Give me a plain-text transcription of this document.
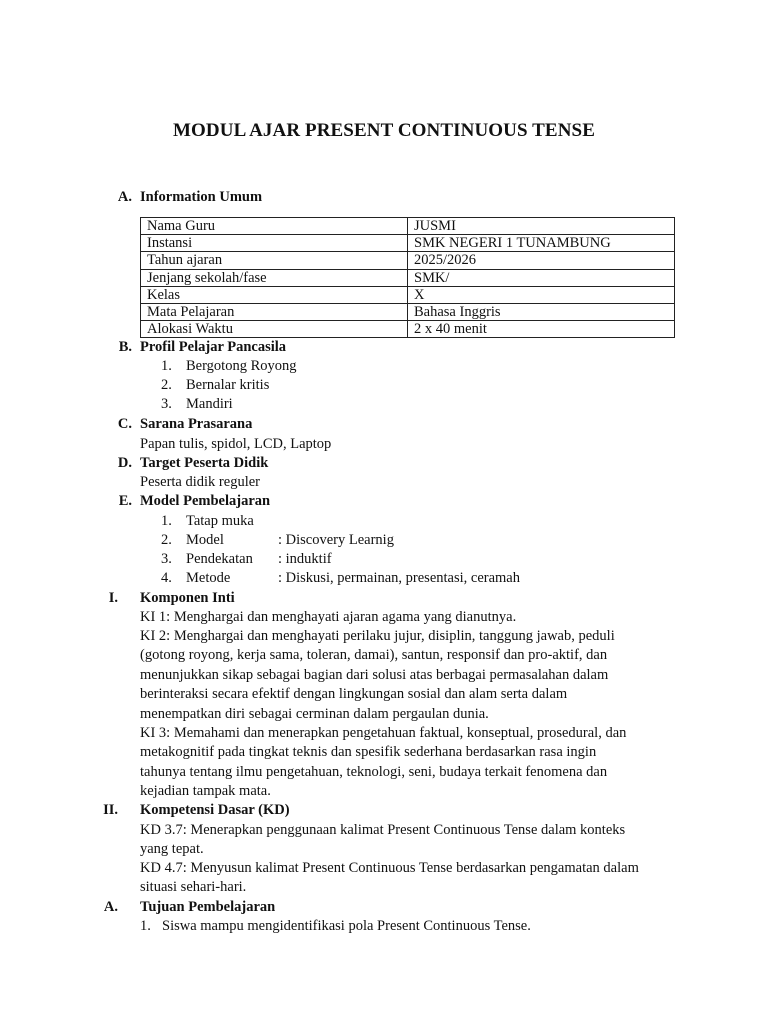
MODUL AJAR PRESENT CONTINUOUS TENSE
A. Information Umum
Nama Guru	JUSMI
Instansi	SMK NEGERI 1 TUNAMBUNG
Tahun ajaran	2025/2026
Jenjang sekolah/fase	SMK/
Kelas	X
Mata Pelajaran	Bahasa Inggris
Alokasi Waktu	2 x 40 menit
B. Profil Pelajar Pancasila
1. Bergotong Royong
2. Bernalar kritis
3. Mandiri
C. Sarana Prasarana
Papan tulis, spidol, LCD, Laptop
D. Target Peserta Didik
Peserta didik reguler
E. Model Pembelajaran
1. Tatap muka
2. Model	: Discovery Learnig
3. Pendekatan : induktif
4. Metode	: Diskusi, permainan, presentasi, ceramah
I. Komponen Inti
KI 1: Menghargai dan menghayati ajaran agama yang dianutnya.
KI 2: Menghargai dan menghayati perilaku jujur, disiplin, tanggung jawab, peduli
(gotong royong, kerja sama, toleran, damai), santun, responsif dan pro-aktif, dan
menunjukkan sikap sebagai bagian dari solusi atas berbagai permasalahan dalam
berinteraksi secara efektif dengan lingkungan sosial dan alam serta dalam
menempatkan diri sebagai cerminan dalam pergaulan dunia.
KI 3: Memahami dan menerapkan pengetahuan faktual, konseptual, prosedural, dan
metakognitif pada tingkat teknis dan spesifik sederhana berdasarkan rasa ingin
tahunya tentang ilmu pengetahuan, teknologi, seni, budaya terkait fenomena dan
kejadian tampak mata.
II. Kompetensi Dasar (KD)
KD 3.7: Menerapkan penggunaan kalimat Present Continuous Tense dalam konteks
yang tepat.
KD 4.7: Menyusun kalimat Present Continuous Tense berdasarkan pengamatan dalam
situasi sehari-hari.
A. Tujuan Pembelajaran
1. Siswa mampu mengidentifikasi pola Present Continuous Tense.
